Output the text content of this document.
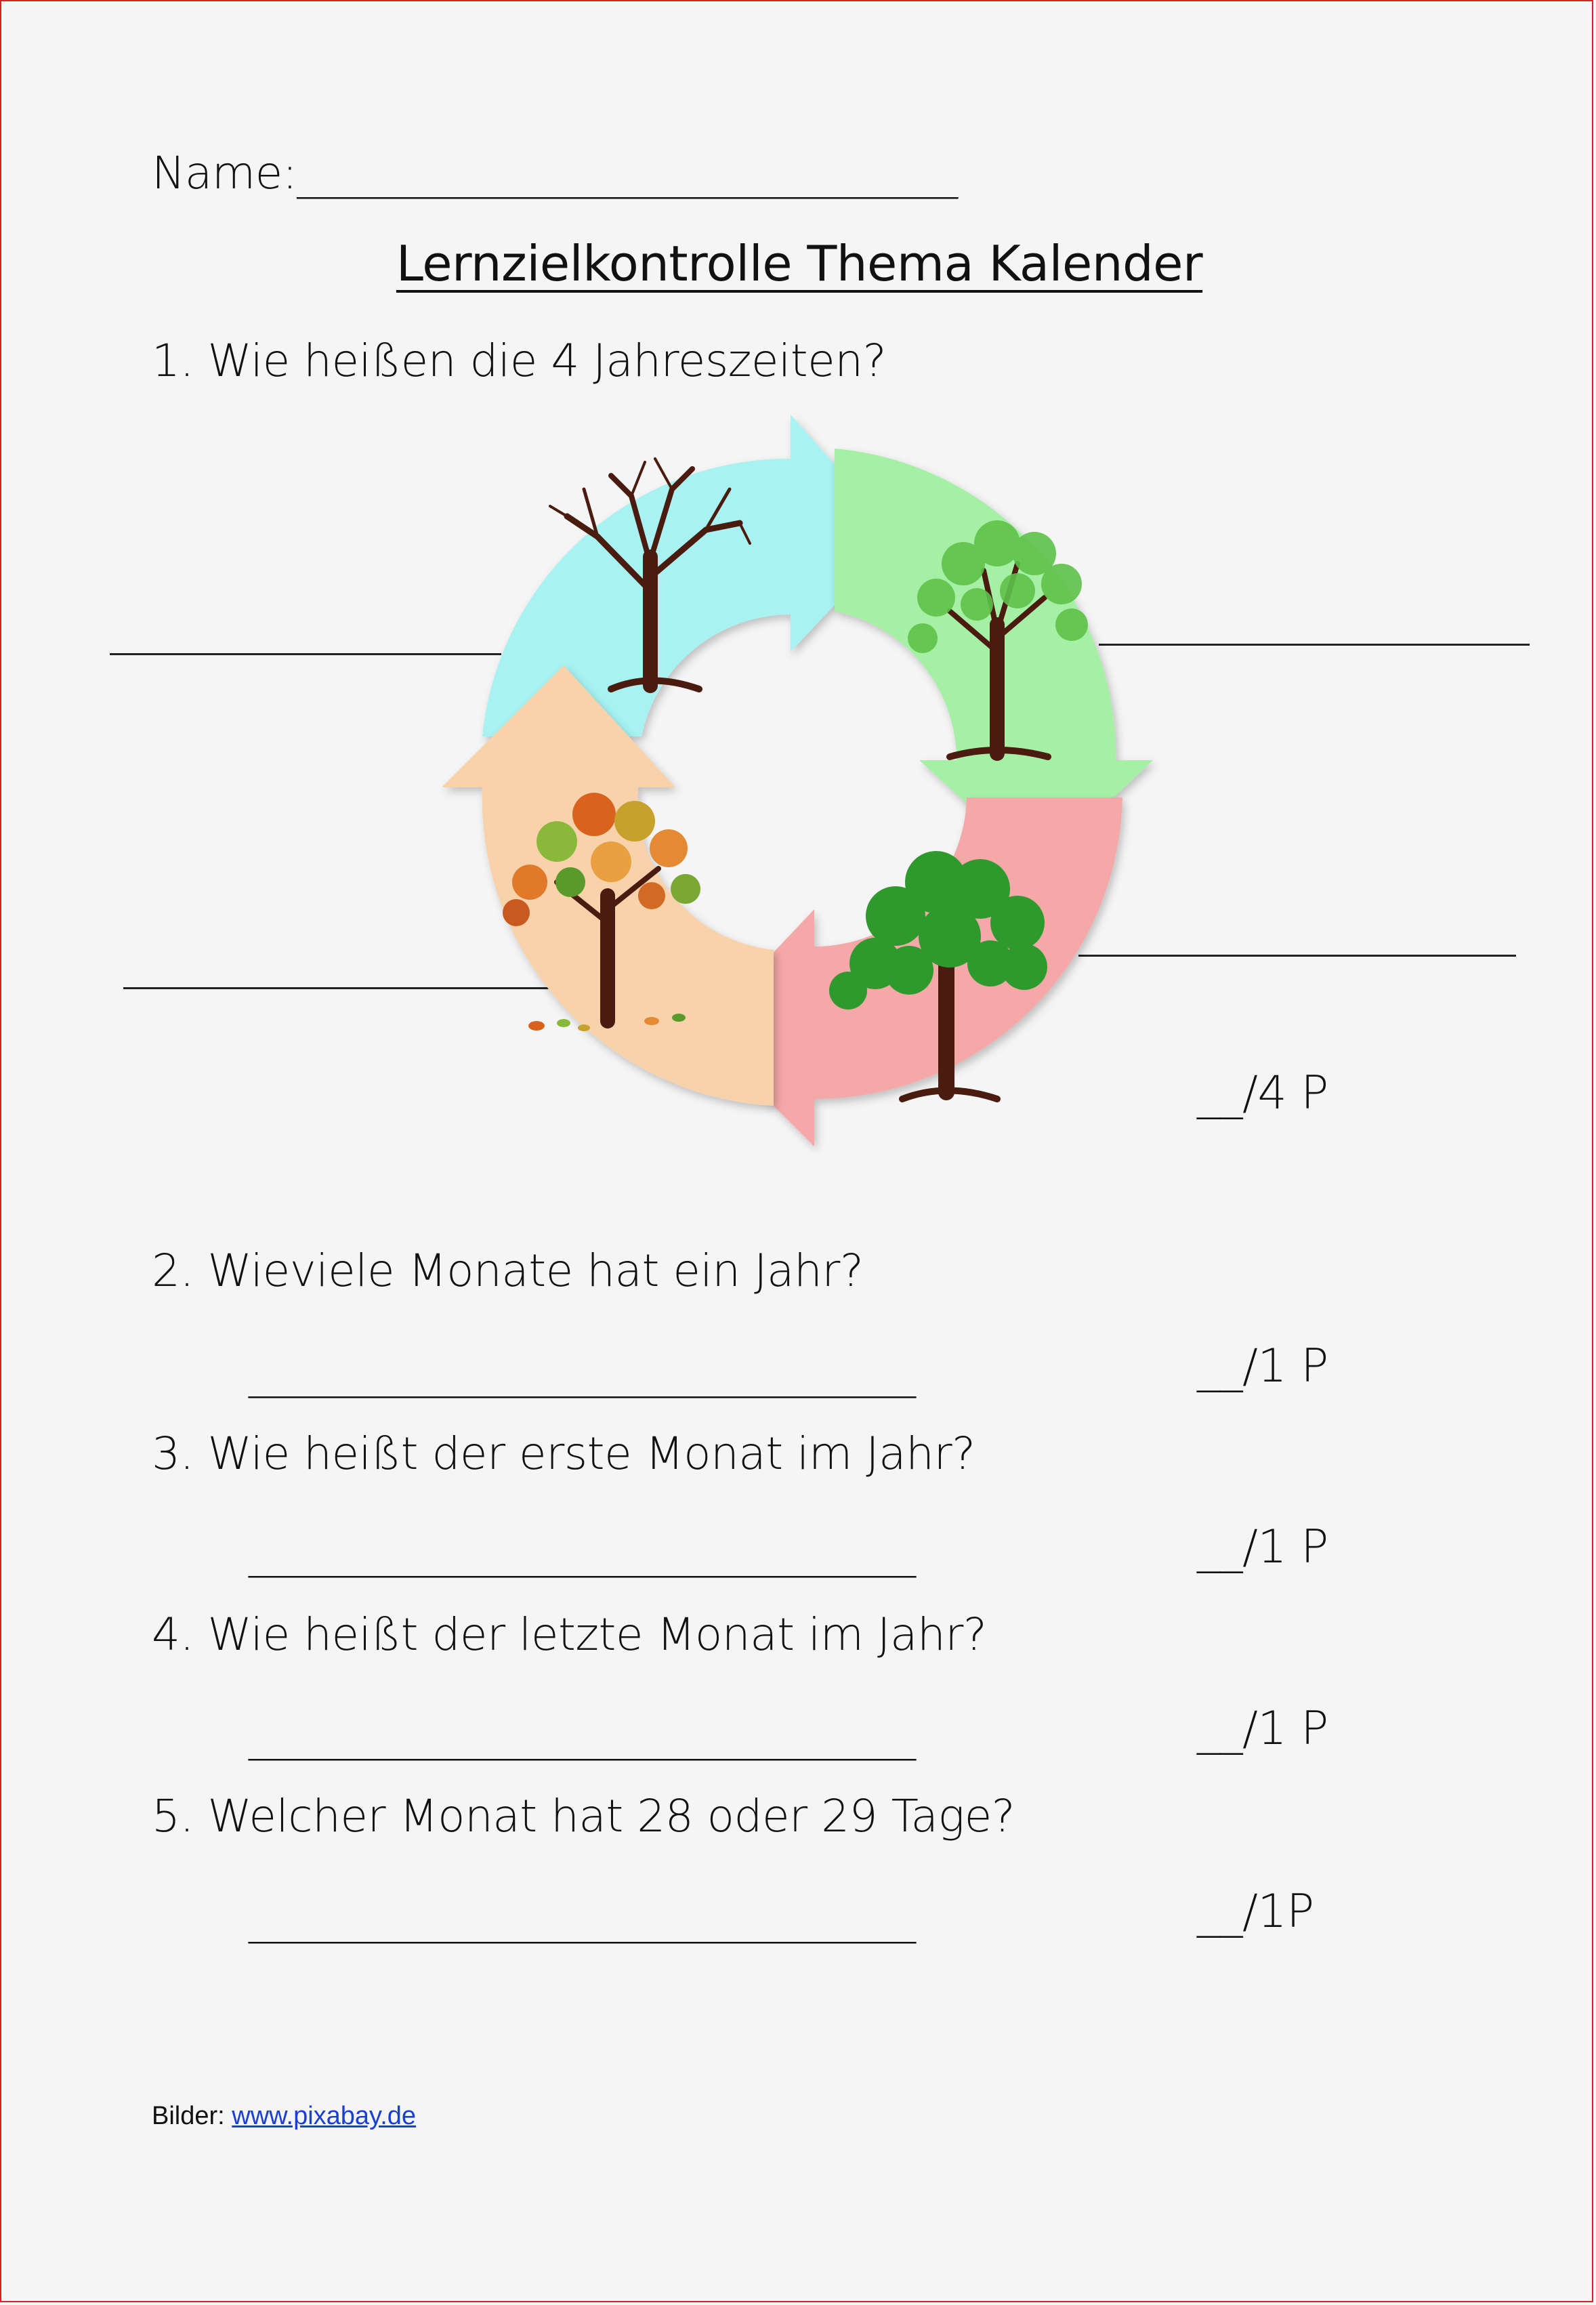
Name:______________________________
Lernzielkontrolle Thema Kalender
1. Wie heißen die 4 Jahreszeiten?
__/4 P
2. Wieviele Monate hat ein Jahr?
_____________________________	__/1 P
3. Wie heißt der erste Monat im Jahr?
_____________________________	__/1 P
4. Wie heißt der letzte Monat im Jahr?
_____________________________	__/1 P
5. Welcher Monat hat 28 oder 29 Tage?
_____________________________	__/1P
Bilder: www.pixabay.de
